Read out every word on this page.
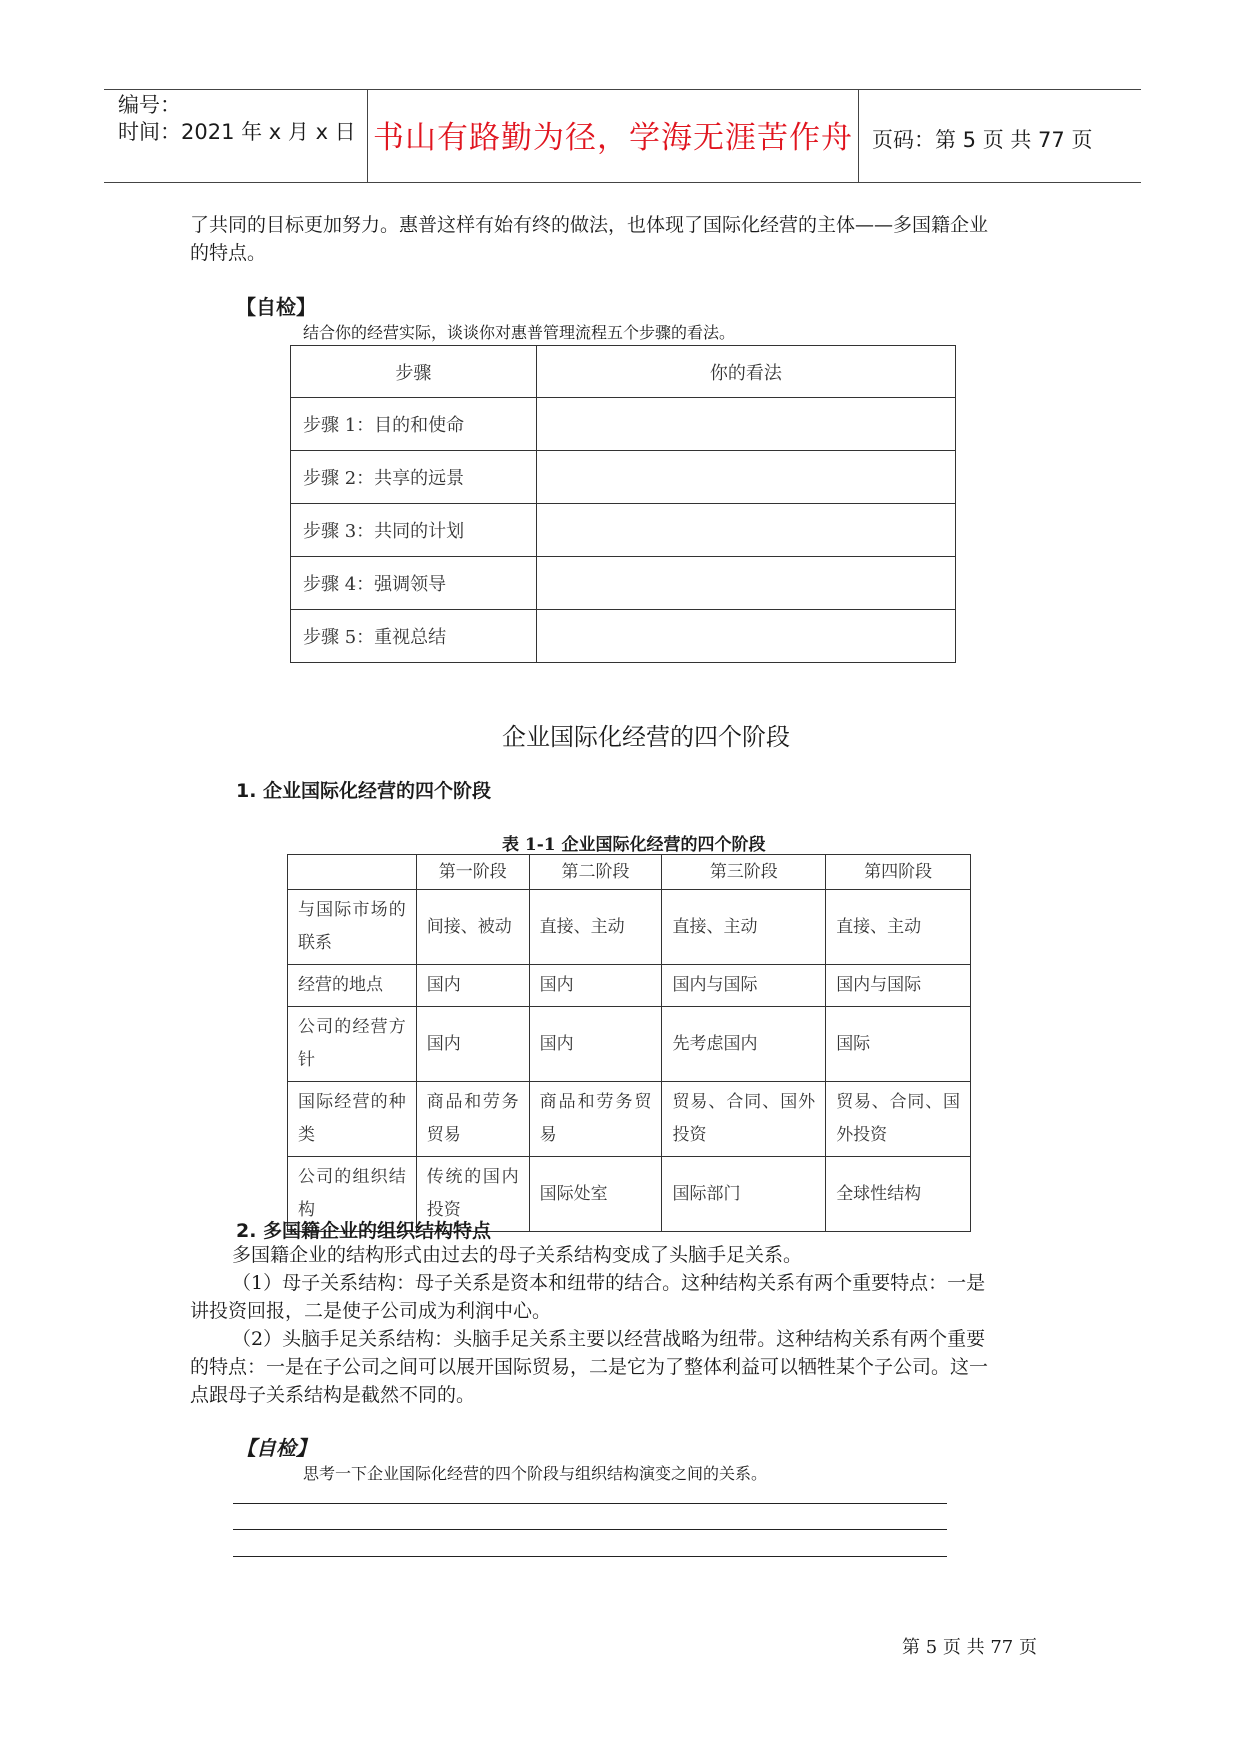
编号：
时间：2021 年 x 月 x 日 书山有路勤为径，学海无涯苦作舟 页码：第 5 页 共 77 页
了共同的目标更加努力。惠普这样有始有终的做法，也体现了国际化经营的主体——多国籍企业
的特点。
【自检】
结合你的经营实际，谈谈你对惠普管理流程五个步骤的看法。
步骤	你的看法
步骤 1：目的和使命	
步骤 2：共享的远景	
步骤 3：共同的计划	
步骤 4：强调领导	
步骤 5：重视总结	
企业国际化经营的四个阶段
1. 企业国际化经营的四个阶段
表 1-1 企业国际化经营的四个阶段
	第一阶段	第二阶段	第三阶段	第四阶段
与国际市场的联系	间接、被动	直接、主动	直接、主动	直接、主动
经营的地点	国内	国内	国内与国际	国内与国际
公司的经营方针	国内	国内	先考虑国内	国际
国际经营的种类	商品和劳务贸易	商品和劳务贸易	贸易、合同、国外投资	贸易、合同、国外投资
公司的组织结构	传统的国内投资	国际处室	国际部门	全球性结构
2. 多国籍企业的组织结构特点
多国籍企业的结构形式由过去的母子关系结构变成了头脑手足关系。
（1）母子关系结构：母子关系是资本和纽带的结合。这种结构关系有两个重要特点：一是
讲投资回报，二是使子公司成为利润中心。
（2）头脑手足关系结构：头脑手足关系主要以经营战略为纽带。这种结构关系有两个重要
的特点：一是在子公司之间可以展开国际贸易，二是它为了整体利益可以牺牲某个子公司。这一
点跟母子关系结构是截然不同的。
【自检】
思考一下企业国际化经营的四个阶段与组织结构演变之间的关系。
第 5 页 共 77 页
